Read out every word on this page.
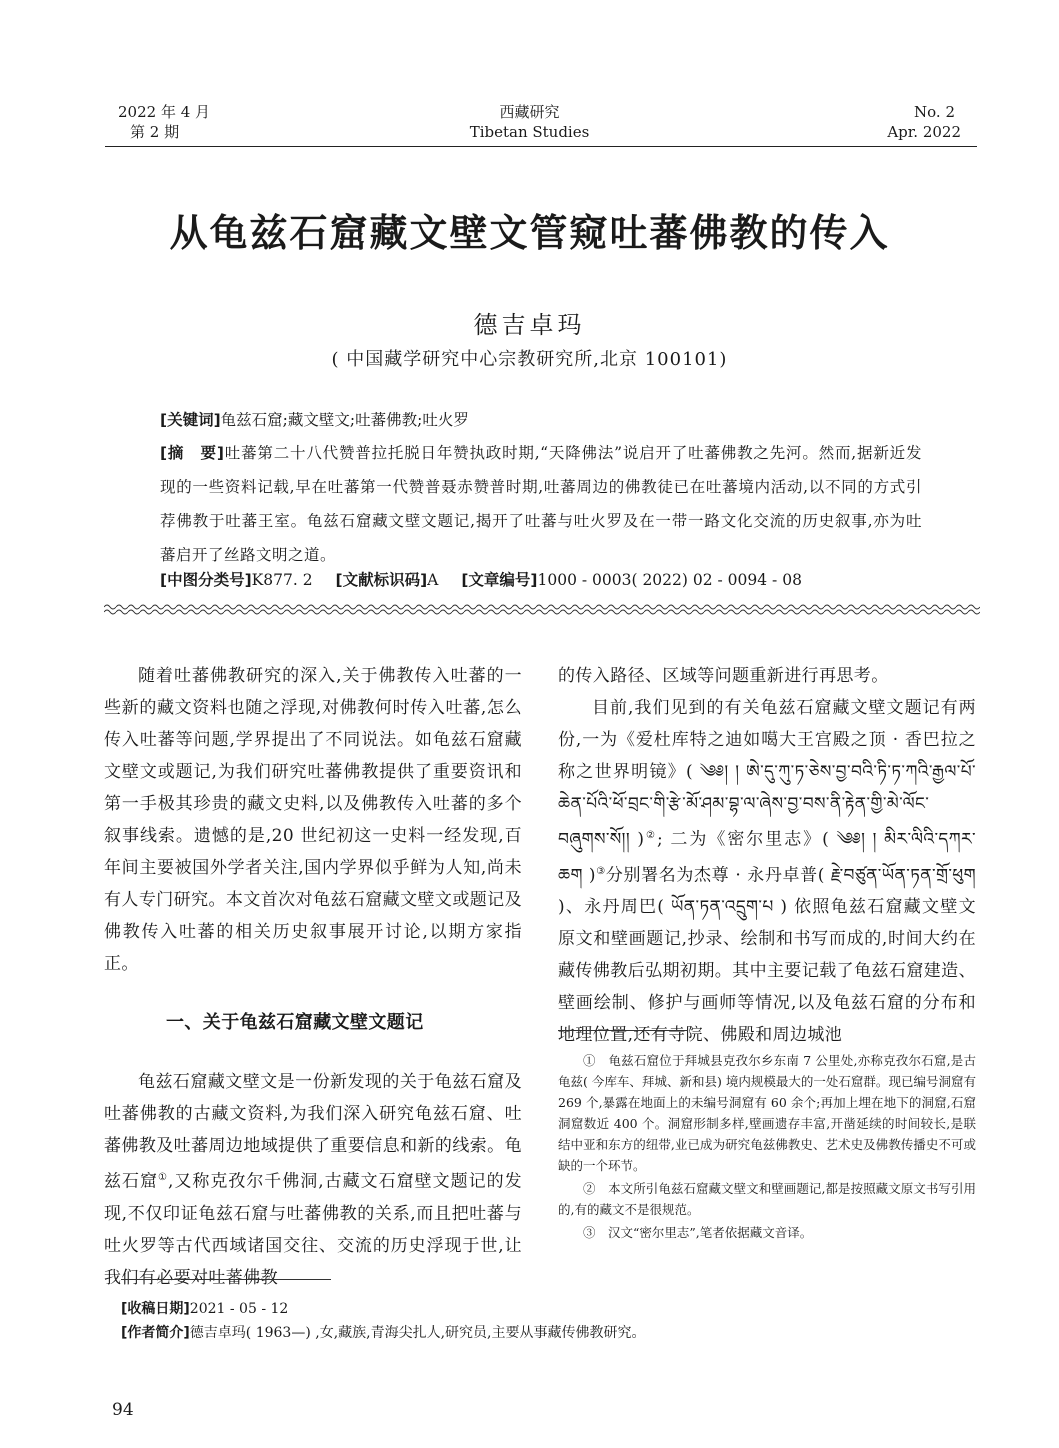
2022 年 4 月
第 2 期
西藏研究
Tibetan Studies
No. 2
Apr. 2022
从龟兹石窟藏文壁文管窥吐蕃佛教的传入
德吉卓玛
( 中国藏学研究中心宗教研究所,北京 100101)
[关键词]龟兹石窟;藏文壁文;吐蕃佛教;吐火罗
[摘　要]吐蕃第二十八代赞普拉托脱日年赞执政时期,“天降佛法”说启开了吐蕃佛教之先河。然而,据新近发现的一些资料记载,早在吐蕃第一代赞普聂赤赞普时期,吐蕃周边的佛教徒已在吐蕃境内活动,以不同的方式引荐佛教于吐蕃王室。龟兹石窟藏文壁文题记,揭开了吐蕃与吐火罗及在一带一路文化交流的历史叙事,亦为吐蕃启开了丝路文明之道。
[中图分类号]K877. 2 [文献标识码]A [文章编号]1000 - 0003( 2022) 02 - 0094 - 08

随着吐蕃佛教研究的深入,关于佛教传入吐蕃的一些新的藏文资料也随之浮现,对佛教何时传入吐蕃,怎么传入吐蕃等问题,学界提出了不同说法。如龟兹石窟藏文壁文或题记,为我们研究吐蕃佛教提供了重要资讯和第一手极其珍贵的藏文史料,以及佛教传入吐蕃的多个叙事线索。遗憾的是,20 世纪初这一史料一经发现,百年间主要被国外学者关注,国内学界似乎鲜为人知,尚未有人专门研究。本文首次对龟兹石窟藏文壁文或题记及佛教传入吐蕃的相关历史叙事展开讨论,以期方家指正。

一、关于龟兹石窟藏文壁文题记

龟兹石窟藏文壁文是一份新发现的关于龟兹石窟及吐蕃佛教的古藏文资料,为我们深入研究龟兹石窟、吐蕃佛教及吐蕃周边地域提供了重要信息和新的线索。龟兹石窟①,又称克孜尔千佛洞,古藏文石窟壁文题记的发现,不仅印证龟兹石窟与吐蕃佛教的关系,而且把吐蕃与吐火罗等古代西域诸国交往、交流的历史浮现于世,让我们有必要对吐蕃佛教

的传入路径、区域等问题重新进行再思考。

目前,我们见到的有关龟兹石窟藏文壁文题记有两份,一为《爱杜库特之迪如噶大王宫殿之顶 · 香巴拉之称之世界明镜》( ༄༅། ། ཨེ་དུ་ཀུ་ཏ་ཅེས་བྱ་བའི་ཏི་ཏ་ཀའི་རྒྱལ་པོ་ཆེན་པོའི་ཕོ་བྲང་གི་རྩེ་མོ་ཤམ་བྷ་ལ་ཞེས་བྱ་བས་ནི་རྟེན་གྱི་མེ་ལོང་བཞུགས་སོ།། )②; 二为《密尔里志》( ༄༅། ། མིར་ལིའི་དཀར་ཆག )③分别署名为杰尊 · 永丹卓普( རྗེ་བཙུན་ཡོན་ཏན་གྲོ་ཕུག )、永丹周巴( ཡོན་ཏན་འདྲུག་པ ) 依照龟兹石窟藏文壁文原文和壁画题记,抄录、绘制和书写而成的,时间大约在藏传佛教后弘期初期。其中主要记载了龟兹石窟建造、壁画绘制、修护与画师等情况,以及龟兹石窟的分布和地理位置,还有寺院、佛殿和周边城池

①　 龟兹石窟位于拜城县克孜尔乡东南 7 公里处,亦称克孜尔石窟,是古龟兹( 今库车、拜城、新和县) 境内规模最大的一处石窟群。现已编号洞窟有 269 个,暴露在地面上的未编号洞窟有 60 余个;再加上埋在地下的洞窟,石窟洞窟数近 400 个。洞窟形制多样,壁画遗存丰富,开凿延续的时间较长,是联结中亚和东方的纽带,业已成为研究龟兹佛教史、艺术史及佛教传播史不可或缺的一个环节。

②　 本文所引龟兹石窟藏文壁文和壁画题记,都是按照藏文原文书写引用的,有的藏文不是很规范。

③　 汉文“密尔里志”,笔者依据藏文音译。

[收稿日期]2021 - 05 - 12
[作者简介]德吉卓玛( 1963—) ,女,藏族,青海尖扎人,研究员,主要从事藏传佛教研究。
94
